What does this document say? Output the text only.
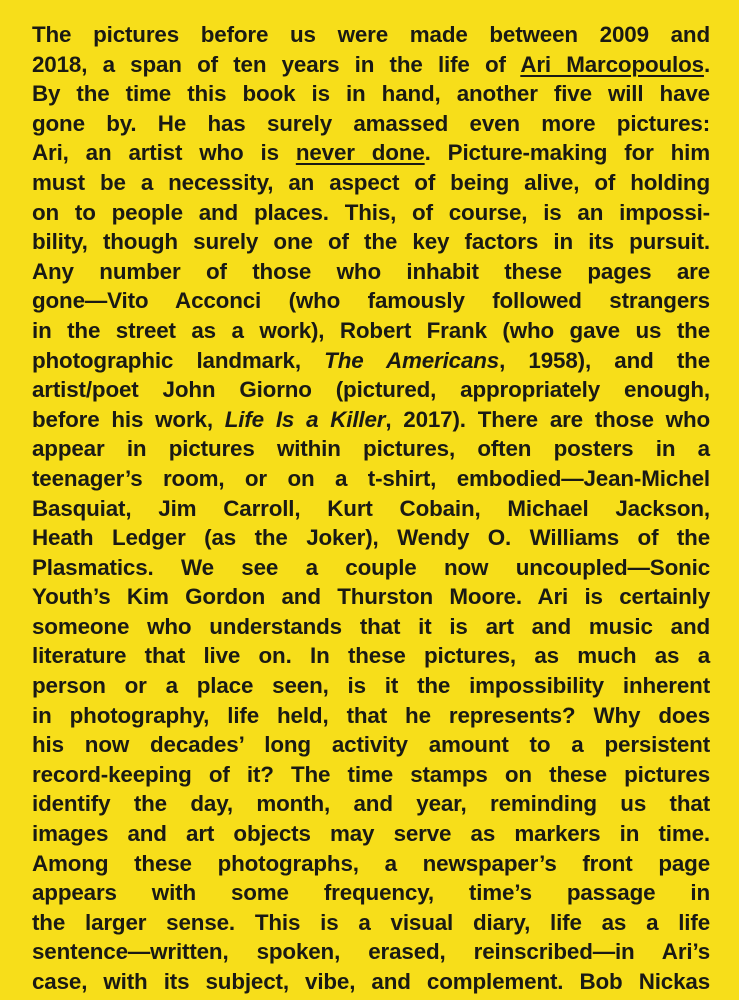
The pictures before us were made between 2009 and
2018, a span of ten years in the life of Ari Marcopoulos.
By the time this book is in hand, another five will have
gone by. He has surely amassed even more pictures:
Ari, an artist who is never done. Picture-making for him
must be a necessity, an aspect of being alive, of holding
on to people and places. This, of course, is an impossi-
bility, though surely one of the key factors in its pursuit.
Any number of those who inhabit these pages are
gone—Vito Acconci (who famously followed strangers
in the street as a work), Robert Frank (who gave us the
photographic landmark, The Americans, 1958), and the
artist/poet John Giorno (pictured, appropriately enough,
before his work, Life Is a Killer, 2017). There are those who
appear in pictures within pictures, often posters in a
teenager’s room, or on a t-shirt, embodied—Jean-Michel
Basquiat, Jim Carroll, Kurt Cobain, Michael Jackson,
Heath Ledger (as the Joker), Wendy O. Williams of the
Plasmatics. We see a couple now uncoupled—Sonic
Youth’s Kim Gordon and Thurston Moore. Ari is certainly
someone who understands that it is art and music and
literature that live on. In these pictures, as much as a
person or a place seen, is it the impossibility inherent
in photography, life held, that he represents? Why does
his now decades’ long activity amount to a persistent
record-keeping of it? The time stamps on these pictures
identify the day, month, and year, reminding us that
images and art objects may serve as markers in time.
Among these photographs, a newspaper’s front page
appears with some frequency, time’s passage in
the larger sense. This is a visual diary, life as a life
sentence—written, spoken, erased, reinscribed—in Ari’s
case, with its subject, vibe, and complement. Bob Nickas
